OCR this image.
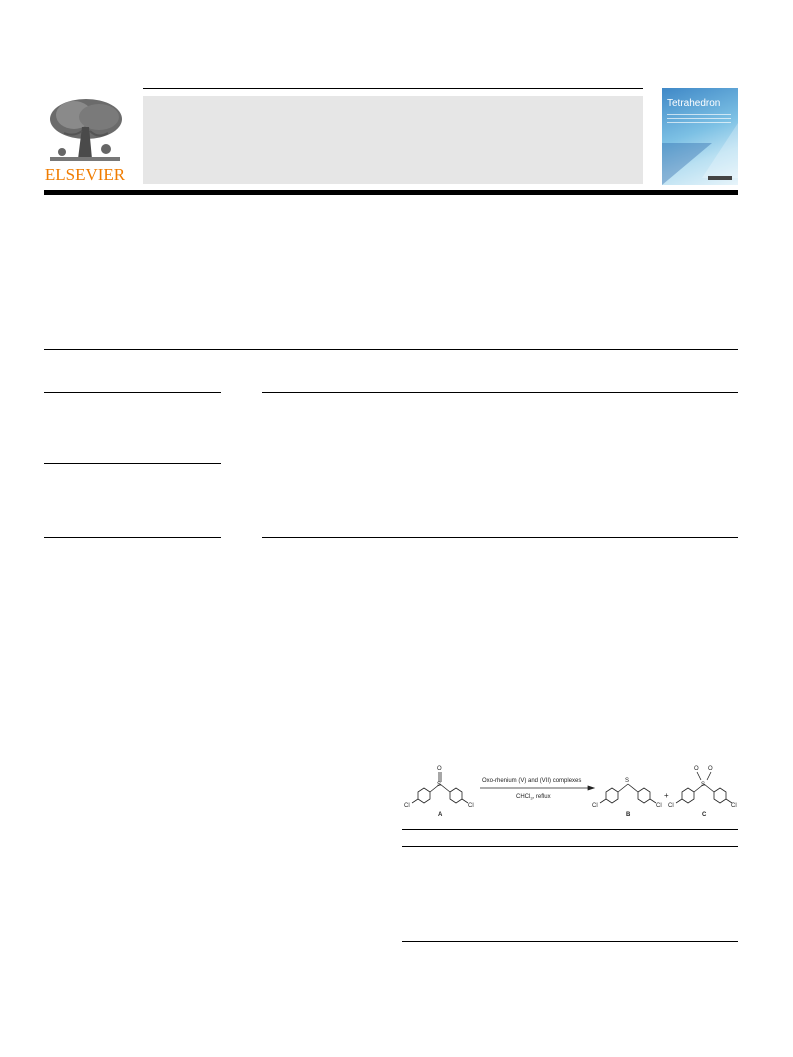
ELSEVIER
Tetrahedron
O
S
Cl	Cl
A
Oxo-rhenium (V) and (VII) complexes
CHCl$_3$, reflux
S
Cl	Cl
B
+
O O
S
Cl	Cl
C
